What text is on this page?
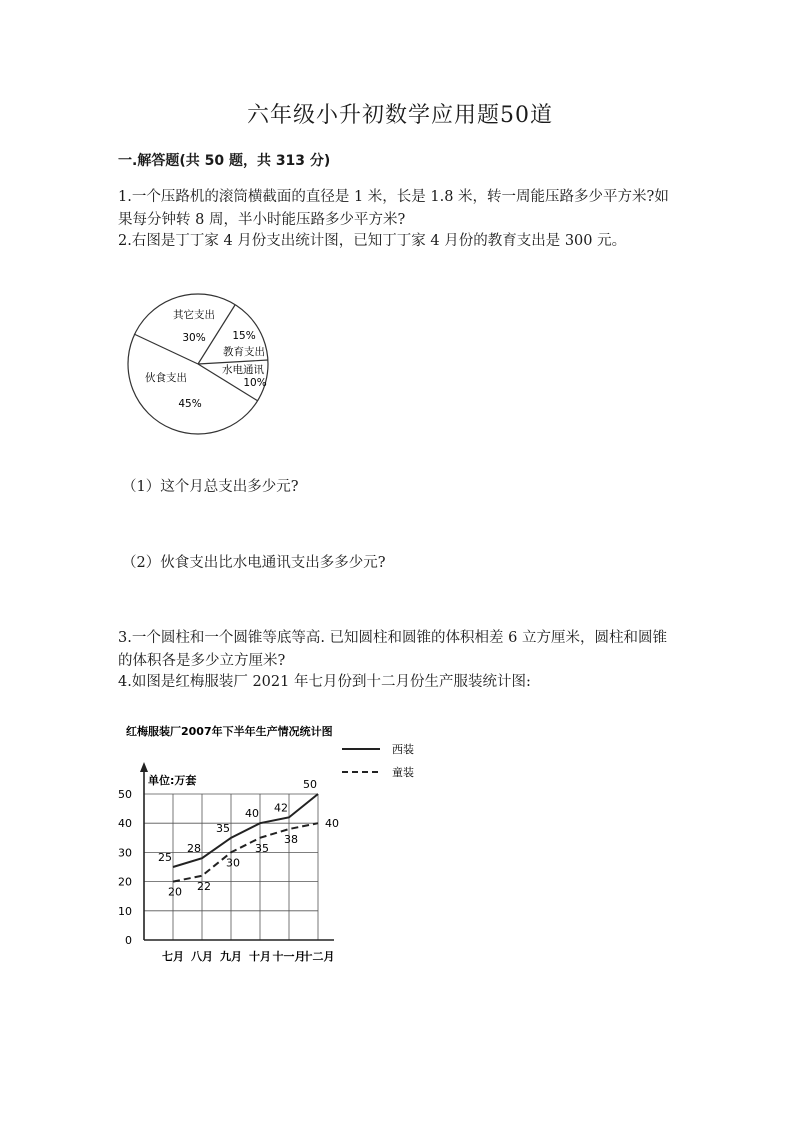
六年级小升初数学应用题50道
一.解答题(共 50 题，共 313 分)

1.一个压路机的滚筒横截面的直径是 1 米，长是 1.8 米，转一周能压路多少平方米?如果每分钟转 8 周，半小时能压路多少平方米?

2.右图是丁丁家 4 月份支出统计图，已知丁丁家 4 月份的教育支出是 300 元。

其它支出
30%	15%
教育支出
水电通讯
10%
伙食支出
45%

（1）这个月总支出多少元?

（2）伙食支出比水电通讯支出多多少元?

3.一个圆柱和一个圆锥等底等高. 已知圆柱和圆锥的体积相差 6 立方厘米，圆柱和圆锥的体积各是多少立方厘米?

4.如图是红梅服装厂 2021 年七月份到十二月份生产服装统计图:

红梅服装厂2007年下半年生产情况统计图
单位:万套
西装
童装
0
10
20
30
40
50
七月 八月 九月 十月 十一月
十二月
25
28
35
40 42
50
20 22
30
35
38
40
